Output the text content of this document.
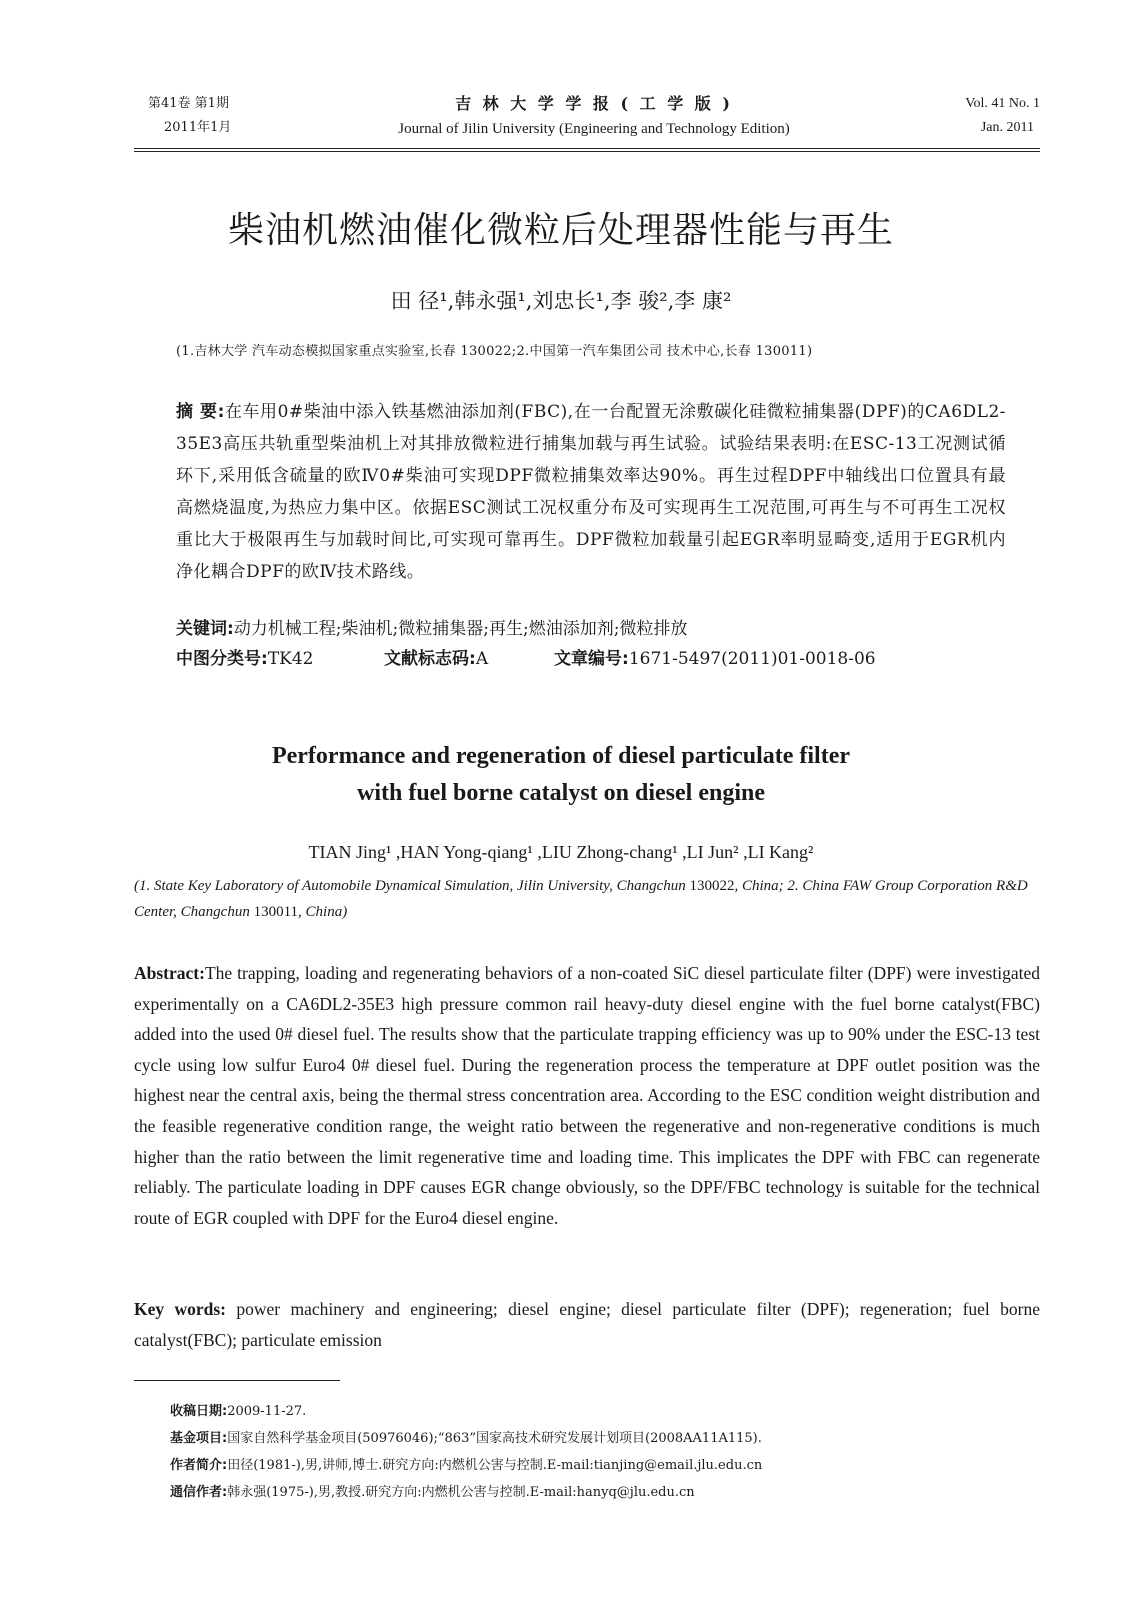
第41卷 第1期
2011年1月
吉 林 大 学 学 报 ( 工 学 版 )
Journal of Jilin University (Engineering and Technology Edition)
Vol. 41 No. 1
Jan. 2011
柴油机燃油催化微粒后处理器性能与再生
田 径¹,韩永强¹,刘忠长¹,李 骏²,李 康²
(1.吉林大学 汽车动态模拟国家重点实验室,长春 130022;2.中国第一汽车集团公司 技术中心,长春 130011)
摘 要:在车用0#柴油中添入铁基燃油添加剂(FBC),在一台配置无涂敷碳化硅微粒捕集器(DPF)的CA6DL2-35E3高压共轨重型柴油机上对其排放微粒进行捕集加载与再生试验。试验结果表明:在ESC-13工况测试循环下,采用低含硫量的欧Ⅳ0#柴油可实现DPF微粒捕集效率达90%。再生过程DPF中轴线出口位置具有最高燃烧温度,为热应力集中区。依据ESC测试工况权重分布及可实现再生工况范围,可再生与不可再生工况权重比大于极限再生与加载时间比,可实现可靠再生。DPF微粒加载量引起EGR率明显畸变,适用于EGR机内净化耦合DPF的欧Ⅳ技术路线。
关键词:动力机械工程;柴油机;微粒捕集器;再生;燃油添加剂;微粒排放
中图分类号:TK42	文献标志码:A	文章编号:1671-5497(2011)01-0018-06
Performance and regeneration of diesel particulate filter
with fuel borne catalyst on diesel engine
TIAN Jing¹ ,HAN Yong-qiang¹ ,LIU Zhong-chang¹ ,LI Jun² ,LI Kang²
(1. State Key Laboratory of Automobile Dynamical Simulation, Jilin University, Changchun 130022, China; 2. China FAW Group Corporation R&D Center, Changchun 130011, China)
Abstract:The trapping, loading and regenerating behaviors of a non-coated SiC diesel particulate filter (DPF) were investigated experimentally on a CA6DL2-35E3 high pressure common rail heavy-duty diesel engine with the fuel borne catalyst(FBC) added into the used 0# diesel fuel. The results show that the particulate trapping efficiency was up to 90% under the ESC-13 test cycle using low sulfur Euro4 0# diesel fuel. During the regeneration process the temperature at DPF outlet position was the highest near the central axis, being the thermal stress concentration area. According to the ESC condition weight distribution and the feasible regenerative condition range, the weight ratio between the regenerative and non-regenerative conditions is much higher than the ratio between the limit regenerative time and loading time. This implicates the DPF with FBC can regenerate reliably. The particulate loading in DPF causes EGR change obviously, so the DPF/FBC technology is suitable for the technical route of EGR coupled with DPF for the Euro4 diesel engine.
Key words: power machinery and engineering; diesel engine; diesel particulate filter (DPF); regeneration; fuel borne catalyst(FBC); particulate emission
收稿日期:2009-11-27.
基金项目:国家自然科学基金项目(50976046);“863”国家高技术研究发展计划项目(2008AA11A115).
作者简介:田径(1981-),男,讲师,博士.研究方向:内燃机公害与控制.E-mail:tianjing@email.jlu.edu.cn
通信作者:韩永强(1975-),男,教授.研究方向:内燃机公害与控制.E-mail:hanyq@jlu.edu.cn
